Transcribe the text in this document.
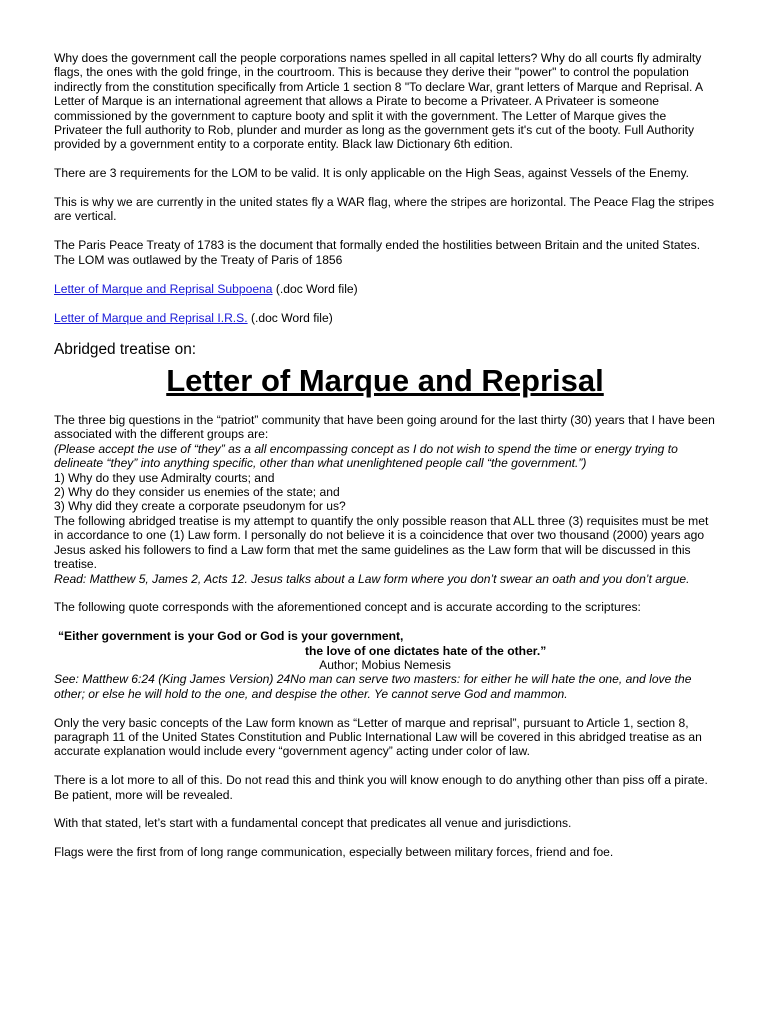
Why does the government call the people corporations names spelled in all capital letters? Why do all courts fly admiralty flags, the ones with the gold fringe, in the courtroom. This is because they derive their "power" to control the population indirectly from the constitution specifically from Article 1 section 8 "To declare War, grant letters of Marque and Reprisal. A Letter of Marque is an international agreement that allows a Pirate to become a Privateer. A Privateer is someone commissioned by the government to capture booty and split it with the government. The Letter of Marque gives the Privateer the full authority to Rob, plunder and murder as long as the government gets it's cut of the booty. Full Authority provided by a government entity to a corporate entity. Black law Dictionary 6th edition.

There are 3 requirements for the LOM to be valid. It is only applicable on the High Seas, against Vessels of the Enemy.

This is why we are currently in the united states fly a WAR flag, where the stripes are horizontal. The Peace Flag the stripes are vertical.

The Paris Peace Treaty of 1783 is the document that formally ended the hostilities between Britain and the united States. The LOM was outlawed by the Treaty of Paris of 1856

Letter of Marque and Reprisal Subpoena (.doc Word file)

Letter of Marque and Reprisal I.R.S. (.doc Word file)

Abridged treatise on:

Letter of Marque and Reprisal

The three big questions in the “patriot” community that have been going around for the last thirty (30) years that I have been associated with the different groups are:

(Please accept the use of “they” as a all encompassing concept as I do not wish to spend the time or energy trying to delineate “they” into anything specific, other than what unenlightened people call “the government.”)

1) Why do they use Admiralty courts; and

2) Why do they consider us enemies of the state; and

3) Why did they create a corporate pseudonym for us?

The following abridged treatise is my attempt to quantify the only possible reason that ALL three (3) requisites must be met in accordance to one (1) Law form. I personally do not believe it is a coincidence that over two thousand (2000) years ago Jesus asked his followers to find a Law form that met the same guidelines as the Law form that will be discussed in this treatise.

Read: Matthew 5, James 2, Acts 12. Jesus talks about a Law form where you don’t swear an oath and you don’t argue.

The following quote corresponds with the aforementioned concept and is accurate according to the scriptures:

“Either government is your God or God is your government,

the love of one dictates hate of the other.”

Author; Mobius Nemesis

See: Matthew 6:24 (King James Version) 24No man can serve two masters: for either he will hate the one, and love the other; or else he will hold to the one, and despise the other. Ye cannot serve God and mammon.

Only the very basic concepts of the Law form known as “Letter of marque and reprisal”, pursuant to Article 1, section 8, paragraph 11 of the United States Constitution and Public International Law will be covered in this abridged treatise as an accurate explanation would include every “government agency” acting under color of law.

There is a lot more to all of this. Do not read this and think you will know enough to do anything other than piss off a pirate. Be patient, more will be revealed.

With that stated, let’s start with a fundamental concept that predicates all venue and jurisdictions.

Flags were the first from of long range communication, especially between military forces, friend and foe.
